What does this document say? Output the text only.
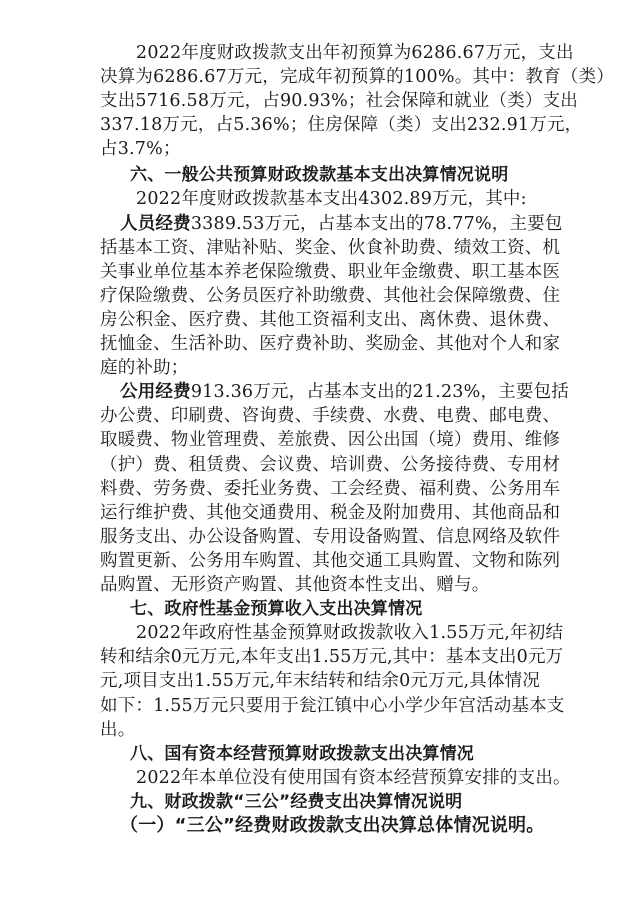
2022年度财政拨款支出年初预算为6286.67万元，支出
决算为6286.67万元，完成年初预算的100%。其中：教育（类）
支出5716.58万元，占90.93%；社会保障和就业（类）支出
337.18万元，占5.36%；住房保障（类）支出232.91万元，
占3.7%；
六、一般公共预算财政拨款基本支出决算情况说明
2022年度财政拨款基本支出4302.89万元，其中:
人员经费3389.53万元，占基本支出的78.77%，主要包
括基本工资、津贴补贴、奖金、伙食补助费、绩效工资、机
关事业单位基本养老保险缴费、职业年金缴费、职工基本医
疗保险缴费、公务员医疗补助缴费、其他社会保障缴费、住
房公积金、医疗费、其他工资福利支出、离休费、退休费、
抚恤金、生活补助、医疗费补助、奖励金、其他对个人和家
庭的补助；
公用经费913.36万元，占基本支出的21.23%，主要包括
办公费、印刷费、咨询费、手续费、水费、电费、邮电费、
取暖费、物业管理费、差旅费、因公出国（境）费用、维修
（护）费、租赁费、会议费、培训费、公务接待费、专用材
料费、劳务费、委托业务费、工会经费、福利费、公务用车
运行维护费、其他交通费用、税金及附加费用、其他商品和
服务支出、办公设备购置、专用设备购置、信息网络及软件
购置更新、公务用车购置、其他交通工具购置、文物和陈列
品购置、无形资产购置、其他资本性支出、赠与。
七、政府性基金预算收入支出决算情况
2022年政府性基金预算财政拨款收入1.55万元,年初结
转和结余0元万元,本年支出1.55万元,其中：基本支出0元万
元,项目支出1.55万元,年末结转和结余0元万元,具体情况
如下：1.55万元只要用于瓮江镇中心小学少年宫活动基本支
出。
八、国有资本经营预算财政拨款支出决算情况
2022年本单位没有使用国有资本经营预算安排的支出。
九、财政拨款“三公”经费支出决算情况说明
（一）“三公”经费财政拨款支出决算总体情况说明。
